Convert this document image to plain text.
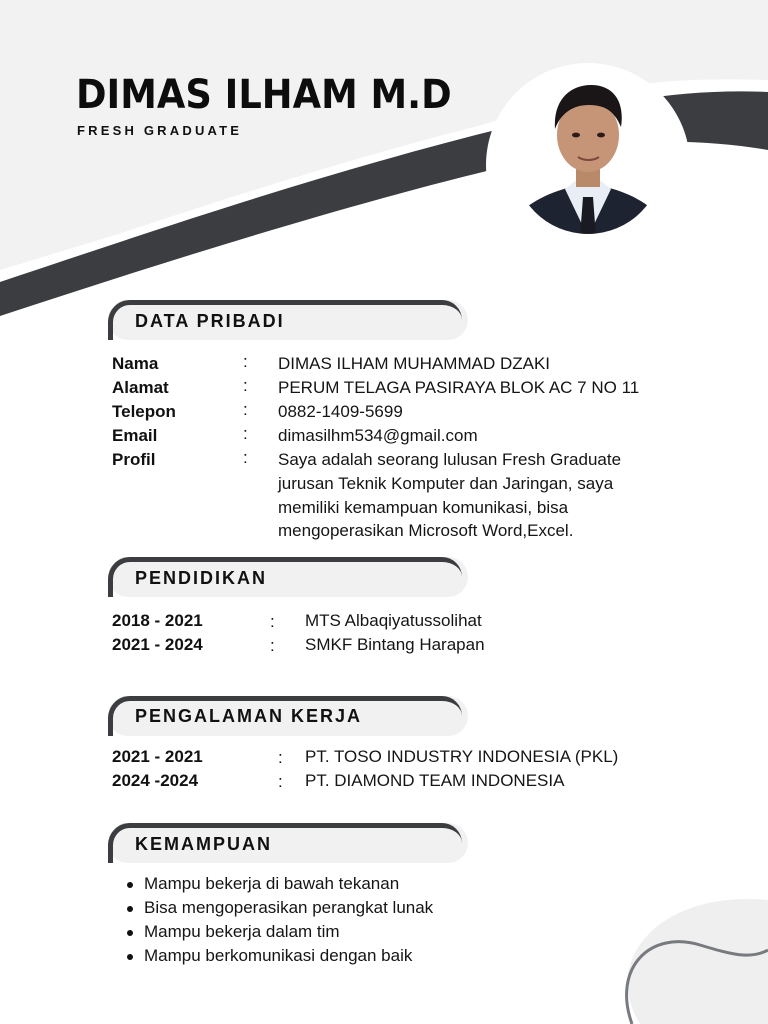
DIMAS ILHAM M.D
FRESH GRADUATE
DATA PRIBADI
Nama	: DIMAS ILHAM MUHAMMAD DZAKI
Alamat	: PERUM TELAGA PASIRAYA BLOK AC 7 NO 11
Telepon	: 0882-1409-5699
Email	: dimasilhm534@gmail.com
Profil	: Saya adalah seorang lulusan Fresh Graduate
jurusan Teknik Komputer dan Jaringan, saya
memiliki kemampuan komunikasi, bisa
mengoperasikan Microsoft Word,Excel.
PENDIDIKAN
2018 - 2021	: MTS Albaqiyatussolihat
2021 - 2024	: SMKF Bintang Harapan
PENGALAMAN KERJA
2021 - 2021	: PT. TOSO INDUSTRY INDONESIA (PKL)
2024 -2024	: PT. DIAMOND TEAM INDONESIA
KEMAMPUAN
Mampu bekerja di bawah tekanan
Bisa mengoperasikan perangkat lunak
Mampu bekerja dalam tim
Mampu berkomunikasi dengan baik
